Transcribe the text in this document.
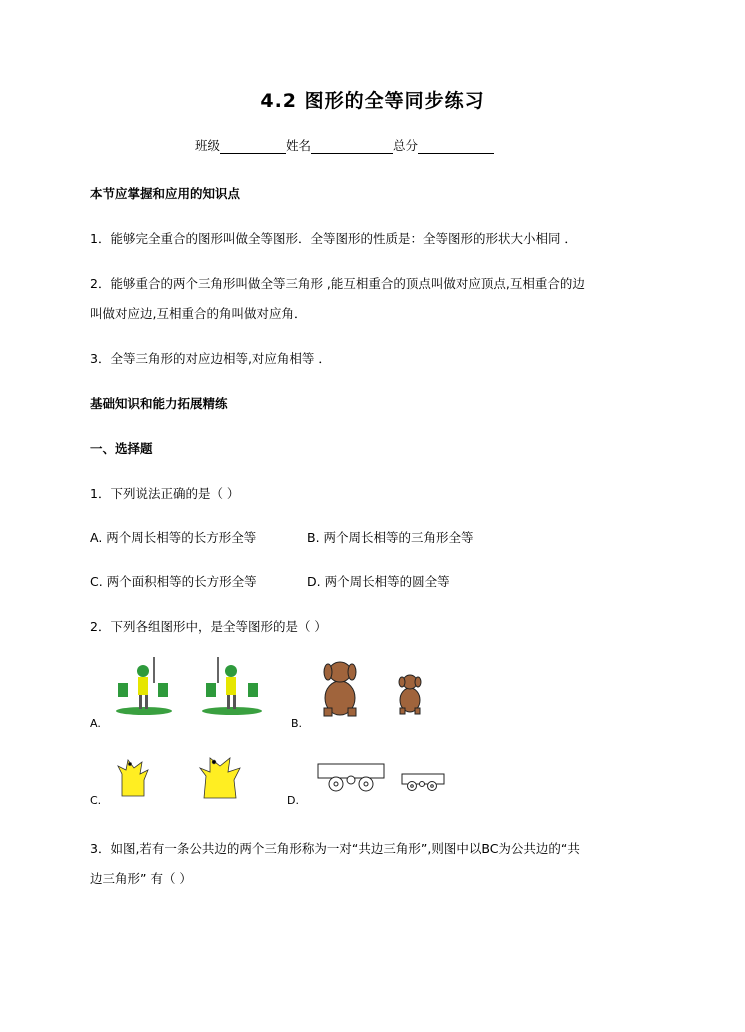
4.2 图形的全等同步练习
班级	姓名	总分
本节应掌握和应用的知识点
1．能够完全重合的图形叫做全等图形．全等图形的性质是：全等图形的形状大小相同 ．
2．能够重合的两个三角形叫做全等三角形 ,能互相重合的顶点叫做对应顶点,互相重合的边
叫做对应边,互相重合的角叫做对应角．
3．全等三角形的对应边相等,对应角相等 ．
基础知识和能力拓展精练
一、选择题
1．下列说法正确的是（ ）
A. 两个周长相等的长方形全等	B. 两个周长相等的三角形全等
C. 两个面积相等的长方形全等	D. 两个周长相等的圆全等
2．下列各组图形中，是全等图形的是（ ）
A.	B.
C.	D.
3．如图,若有一条公共边的两个三角形称为一对“共边三角形”,则图中以BC为公共边的“共
边三角形” 有（ ）
